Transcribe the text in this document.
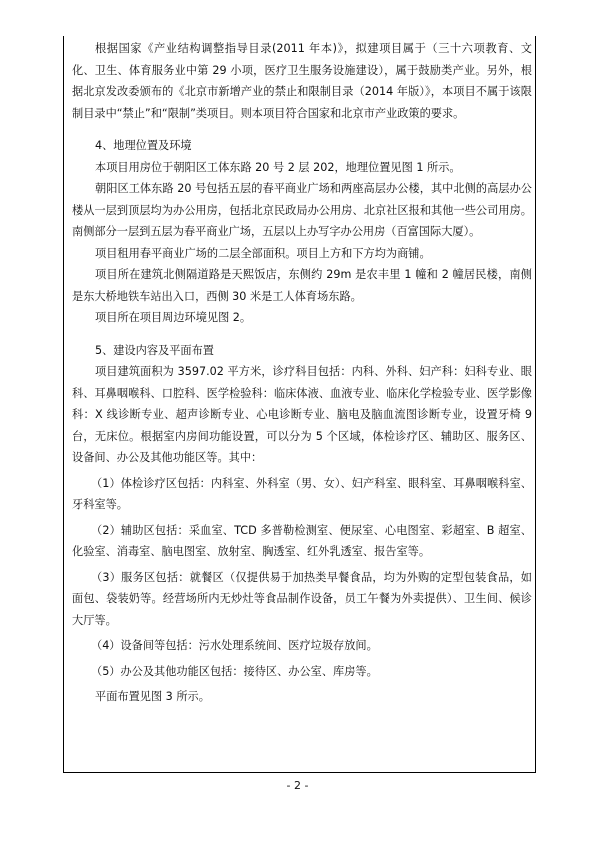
根据国家《产业结构调整指导目录(2011 年本)》，拟建项目属于（三十六项教育、文化、卫生、体育服务业中第 29 小项，医疗卫生服务设施建设），属于鼓励类产业。另外，根据北京发改委颁布的《北京市新增产业的禁止和限制目录（2014 年版）》，本项目不属于该限制目录中“禁止”和“限制”类项目。则本项目符合国家和北京市产业政策的要求。

4、地理位置及环境

本项目用房位于朝阳区工体东路 20 号 2 层 202，地理位置见图 1 所示。

朝阳区工体东路 20 号包括五层的春平商业广场和两座高层办公楼，其中北侧的高层办公楼从一层到顶层均为办公用房，包括北京民政局办公用房、北京社区报和其他一些公司用房。南侧部分一层到五层为春平商业广场，五层以上办写字办公用房（百富国际大厦）。

项目租用春平商业广场的二层全部面积。项目上方和下方均为商铺。

项目所在建筑北侧隔道路是天熙饭店，东侧约 29m 是农丰里 1 幢和 2 幢居民楼，南侧是东大桥地铁车站出入口，西侧 30 米是工人体育场东路。

项目所在项目周边环境见图 2。

5、建设内容及平面布置

项目建筑面积为 3597.02 平方米，诊疗科目包括：内科、外科、妇产科：妇科专业、眼科、耳鼻咽喉科、口腔科、医学检验科：临床体液、血液专业、临床化学检验专业、医学影像科：X 线诊断专业、超声诊断专业、心电诊断专业、脑电及脑血流图诊断专业，设置牙椅 9 台，无床位。根据室内房间功能设置，可以分为 5 个区域，体检诊疗区、辅助区、服务区、设备间、办公及其他功能区等。其中：

（1）体检诊疗区包括：内科室、外科室（男、女）、妇产科室、眼科室、耳鼻咽喉科室、牙科室等。

（2）辅助区包括：采血室、TCD 多普勒检测室、便尿室、心电图室、彩超室、B 超室、化验室、消毒室、脑电图室、放射室、胸透室、红外乳透室、报告室等。

（3）服务区包括：就餐区（仅提供易于加热类早餐食品，均为外购的定型包装食品，如面包、袋装奶等。经营场所内无炒灶等食品制作设备，员工午餐为外卖提供）、卫生间、候诊大厅等。

（4）设备间等包括：污水处理系统间、医疗垃圾存放间。

（5）办公及其他功能区包括：接待区、办公室、库房等。

平面布置见图 3 所示。

- 2 -
